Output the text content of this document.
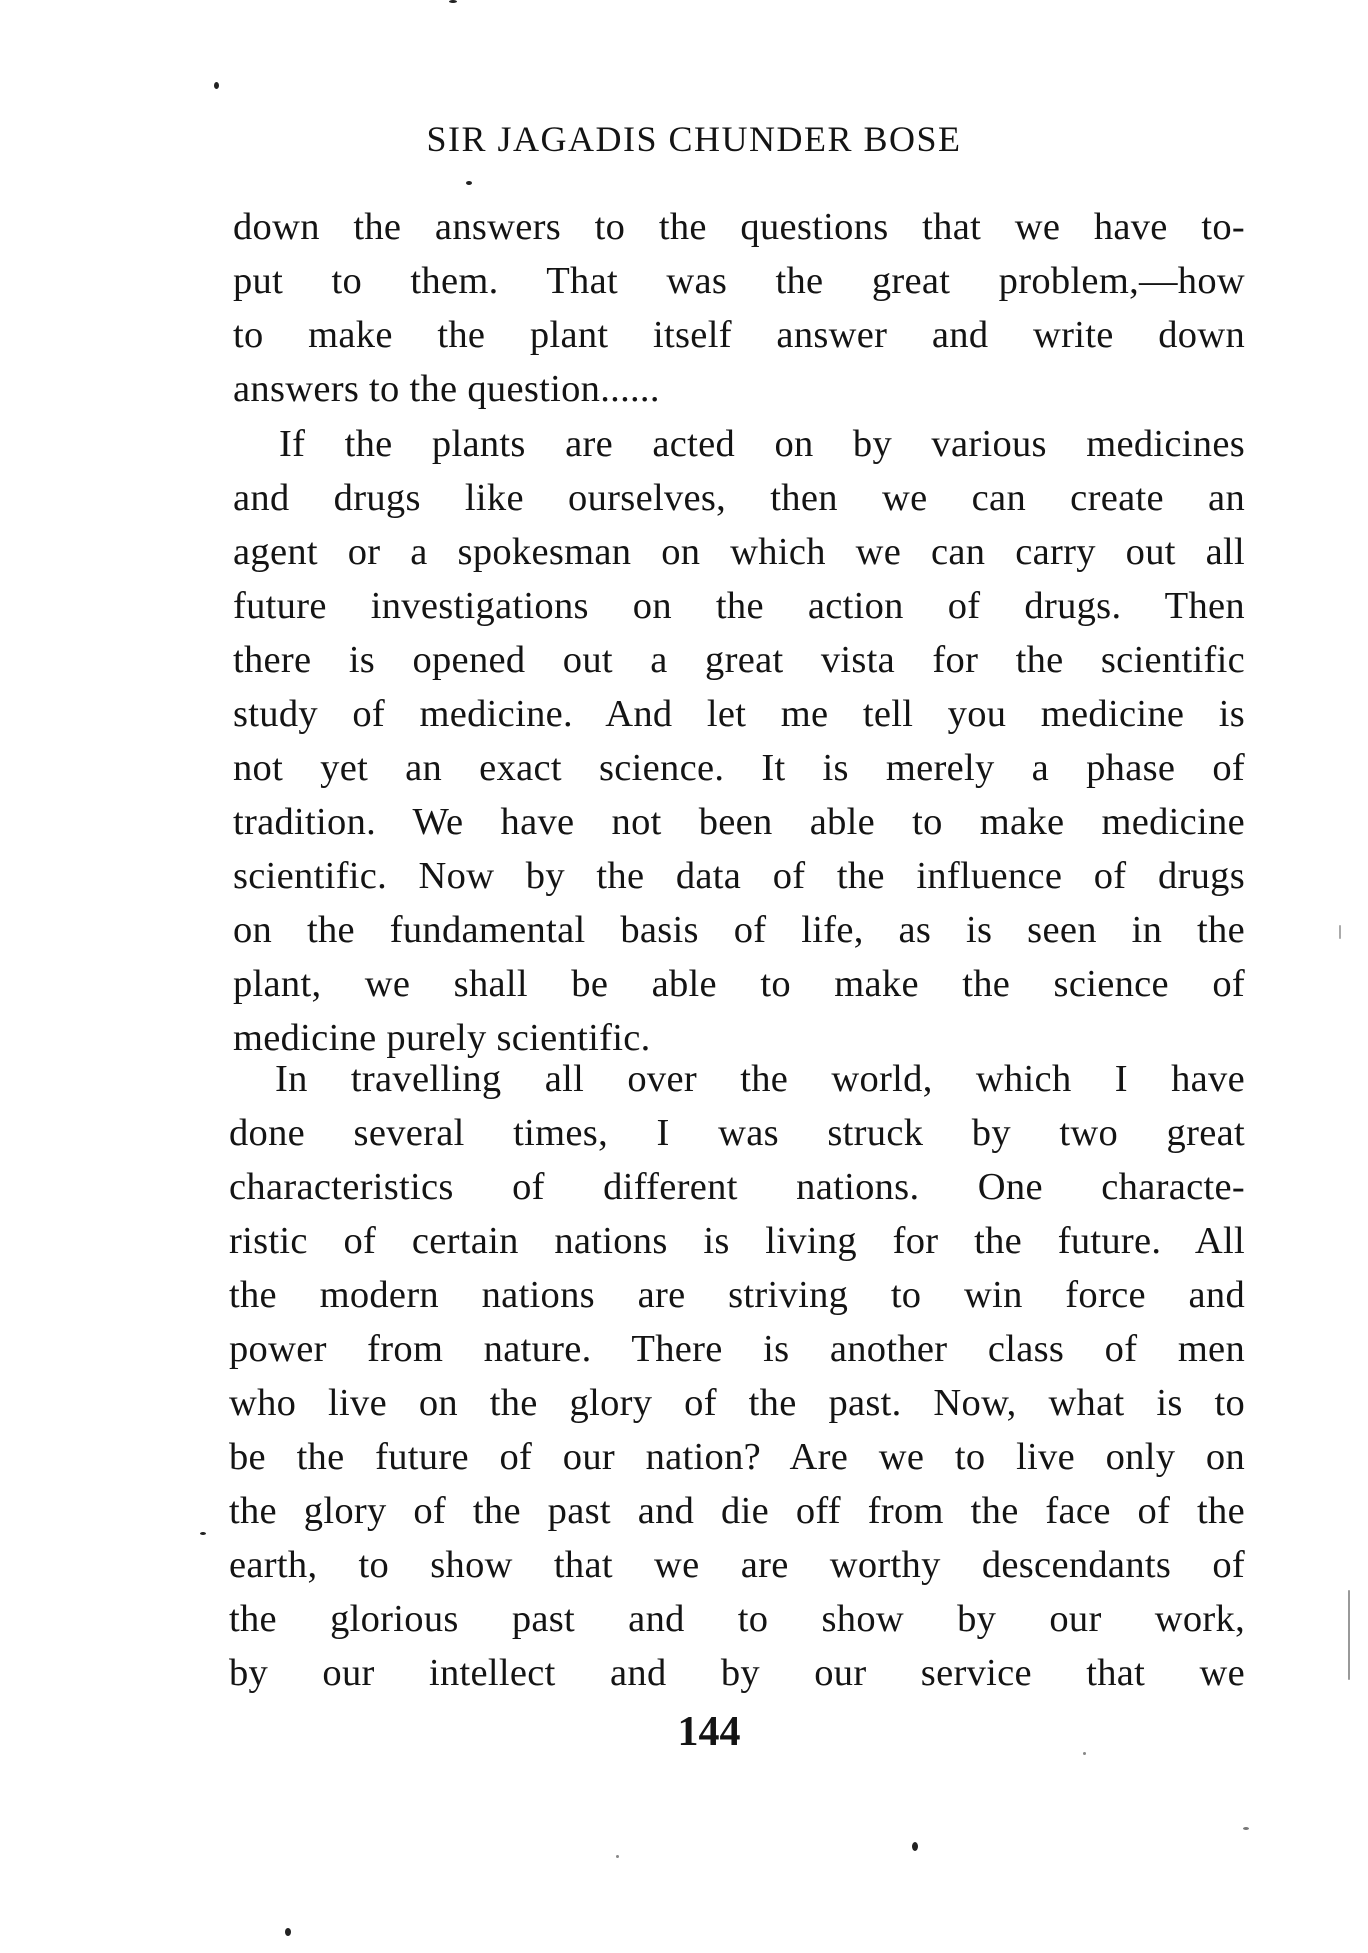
SIR JAGADIS CHUNDER BOSE
down the answers to the questions that we have to-
put to them. That was the great problem,—how
to make the plant itself answer and write down
answers to the question......
If the plants are acted on by various medicines
and drugs like ourselves, then we can create an
agent or a spokesman on which we can carry out all
future investigations on the action of drugs. Then
there is opened out a great vista for the scientific
study of medicine. And let me tell you medicine is
not yet an exact science. It is merely a phase of
tradition. We have not been able to make medicine
scientific. Now by the data of the influence of drugs
on the fundamental basis of life, as is seen in the
plant, we shall be able to make the science of
medicine purely scientific.
In travelling all over the world, which I have
done several times, I was struck by two great
characteristics of different nations. One characte-
ristic of certain nations is living for the future. All
the modern nations are striving to win force and
power from nature. There is another class of men
who live on the glory of the past. Now, what is to
be the future of our nation? Are we to live only on
the glory of the past and die off from the face of the
earth, to show that we are worthy descendants of
the glorious past and to show by our work,
by our intellect and by our service that we
144
